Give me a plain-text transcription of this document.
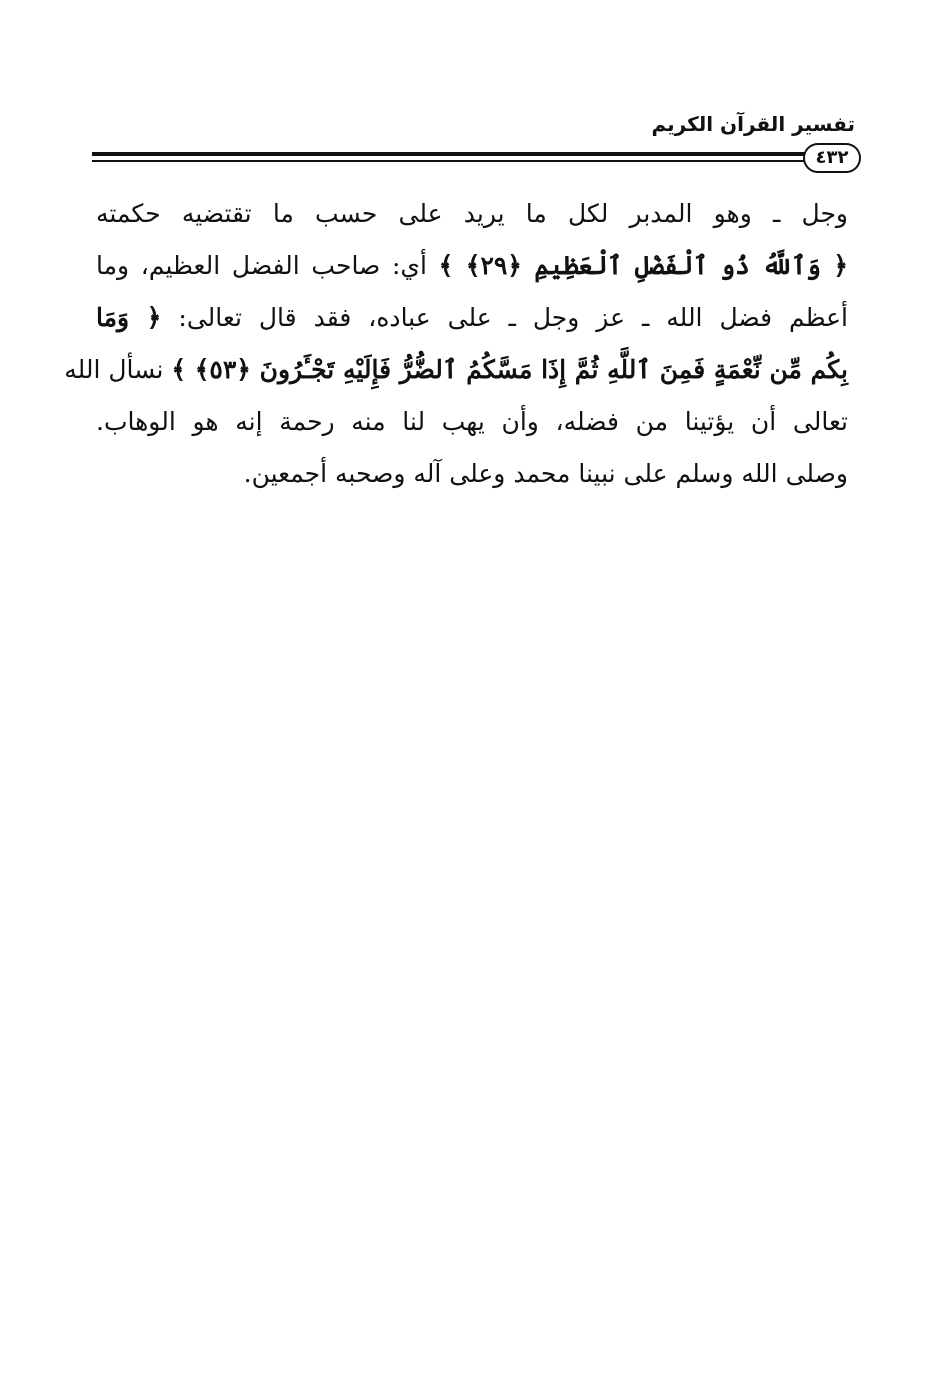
تفسير القرآن الكريم
٤٣٢
وجل ـ وهو المدبر لكل ما يريد على حسب ما تقتضيه حكمته
﴿ وَٱللَّهُ ذُو ٱلْفَضْلِ ٱلْعَظِيمِ ﴿٢٩﴾ ﴾ أي: صاحب الفضل العظيم، وما
أعظم فضل الله ـ عز وجل ـ على عباده، فقد قال تعالى: ﴿ وَمَا
بِكُم مِّن نِّعْمَةٍ فَمِنَ ٱللَّهِ ثُمَّ إِذَا مَسَّكُمُ ٱلضُّرُّ فَإِلَيْهِ تَجْـَٔرُونَ ﴿٥٣﴾ ﴾ نسأل الله
تعالى أن يؤتينا من فضله، وأن يهب لنا منه رحمة إنه هو الوهاب.
وصلى الله وسلم على نبينا محمد وعلى آله وصحبه أجمعين.
